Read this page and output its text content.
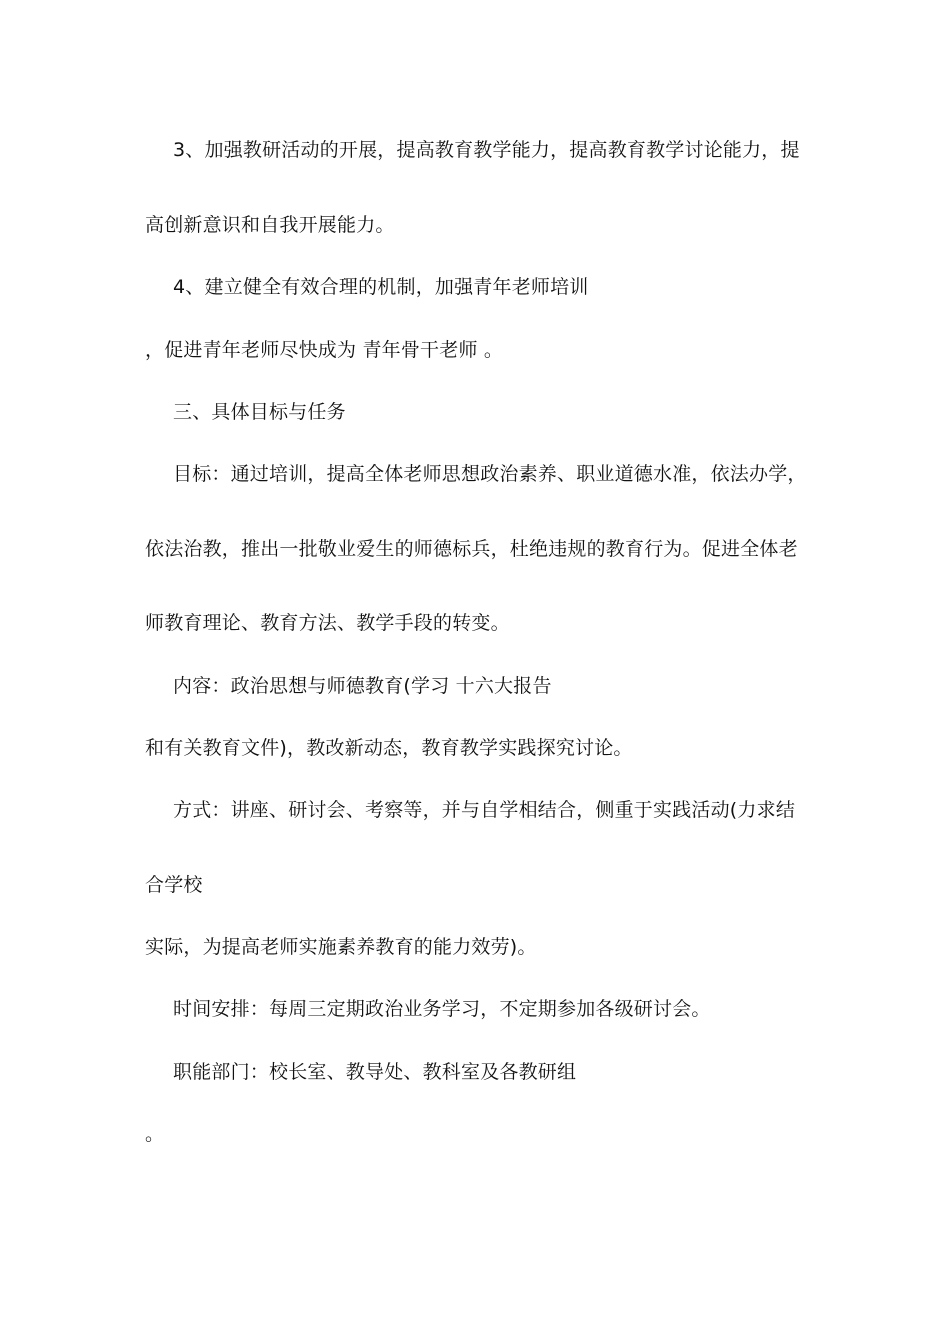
3、加强教研活动的开展，提高教育教学能力，提高教育教学讨论能力，提
高创新意识和自我开展能力。
4、建立健全有效合理的机制，加强青年老师培训
，促进青年老师尽快成为 青年骨干老师 。
三、具体目标与任务
目标：通过培训，提高全体老师思想政治素养、职业道德水准，依法办学，
依法治教，推出一批敬业爱生的师德标兵，杜绝违规的教育行为。促进全体老
师教育理论、教育方法、教学手段的转变。
内容：政治思想与师德教育(学习 十六大报告
和有关教育文件)，教改新动态，教育教学实践探究讨论。
方式：讲座、研讨会、考察等，并与自学相结合，侧重于实践活动(力求结
合学校
实际，为提高老师实施素养教育的能力效劳)。
时间安排：每周三定期政治业务学习，不定期参加各级研讨会。
职能部门：校长室、教导处、教科室及各教研组
。
